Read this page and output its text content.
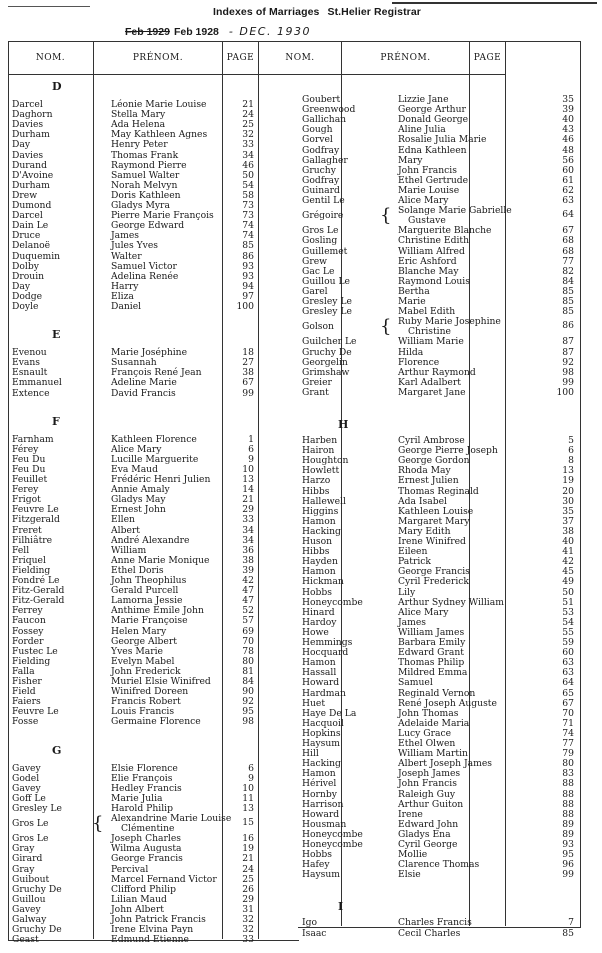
Indexes of Marriages St.Helier Registrar
Feb 1929 Feb 1928 - DEC. 1930
NOM.	PRÉNOM.	PAGE	NOM.	PRÉNOM.	PAGE
D
Darcel	Léonie Marie Louise	21
Daghorn	Stella Mary	24
Davies	Ada Helena	25
Durham	May Kathleen Agnes	32
Day	Henry Peter	33
Davies	Thomas Frank	34
Durand	Raymond Pierre	46
D'Avoine	Samuel Walter	50
Durham	Norah Melvyn	54
Drew	Doris Kathleen	58
Dumond	Gladys Myra	73
Darcel	Pierre Marie François	73
Dain Le	George Edward	74
Druce	James	74
Delanoë	Jules Yves	85
Duquemin	Walter	86
Dolby	Samuel Victor	93
Drouin	Adelina Renée	93
Day	Harry	94
Dodge	Eliza	97
Doyle	Daniel	100
E
Evenou	Marie Joséphine	18
Evans	Susannah	27
Esnault	François René Jean	38
Emmanuel	Adeline Marie	67
Extence	David Francis	99
F
Farnham	Kathleen Florence	1
Férey	Alice Mary	6
Feu Du	Lucille Marguerite	9
Feu Du	Eva Maud	10
Feuillet	Frédéric Henri Julien	13
Ferey	Annie Amaly	14
Frigot	Gladys May	21
Feuvre Le	Ernest John	29
Fitzgerald	Ellen	33
Freret	Albert	34
Filhiâtre	André Alexandre	34
Fell	William	36
Friquel	Anne Marie Monique	38
Fielding	Ethel Doris	39
Fondré Le	John Theophilus	42
Fitz-Gerald	Gerald Purcell	47
Fitz-Gerald	Lamorna Jessie	47
Ferrey	Anthime Emile John	52
Faucon	Marie Françoise	57
Fossey	Helen Mary	69
Forder	George Albert	70
Fustec Le	Yves Marie	78
Fielding	Evelyn Mabel	80
Falla	John Frederick	81
Fisher	Muriel Elsie Winifred	84
Field	Winifred Doreen	90
Faiers	Francis Robert	92
Feuvre Le	Louis Francis	95
Fosse	Germaine Florence	98
G
Gavey	Elsie Florence	6
Godel	Elie François	9
Gavey	Hedley Francis	10
Goff Le	Marie Julia	11
Gresley Le	Harold Philip	13
Gros Le	Alexandrine Marie Louise	15
{ Clémentine
Gros Le	Joseph Charles	16
Gray	Wilma Augusta	19
Girard	George Francis	21
Gray	Percival	24
Guibout	Marcel Fernand Victor	25
Gruchy De	Clifford Philip	26
Guillou	Lilian Maud	29
Gavey	John Albert	31
Galway	John Patrick Francis	32
Gruchy De	Irene Elvina Payn	32
Geast	Edmund Etienne	33
Goubert	Lizzie Jane	35
Greenwood	George Arthur	39
Gallichan	Donald George	40
Gough	Aline Julia	43
Gorvel	Rosalie Julia Marie	46
Godfray	Edna Kathleen	48
Gallagher	Mary	56
Gruchy	John Francis	60
Godfray	Ethel Gertrude	61
Guinard	Marie Louise	62
Gentil Le	Alice Mary	63
Grégoire	Solange Marie Gabrielle	64
{ Gustave
Gros Le	Marguerite Blanche	67
Gosling	Christine Edith	68
Guillemet	William Alfred	68
Grew	Eric Ashford	77
Gac Le	Blanche May	82
Guillou Le	Raymond Louis	84
Garel	Bertha	85
Gresley Le	Marie	85
Gresley Le	Mabel Edith	85
Golson	Ruby Marie Josephine	86
{ Christine
Guilcher Le	William Marie	87
Gruchy De	Hilda	87
Georgelin	Florence	92
Grimshaw	Arthur Raymond	98
Greier	Karl Adalbert	99
Grant	Margaret Jane	100
H
Harben	Cyril Ambrose	5
Hairon	George Pierre Joseph	6
Houghton	George Gordon	8
Howlett	Rhoda May	13
Harzo	Ernest Julien	19
Hibbs	Thomas Reginald	20
Hallewell	Ada Isabel	30
Higgins	Kathleen Louise	35
Hamon	Margaret Mary	37
Hacking	Mary Edith	38
Huson	Irene Winifred	40
Hibbs	Eileen	41
Hayden	Patrick	42
Hamon	George Francis	45
Hickman	Cyril Frederick	49
Hobbs	Lily	50
Honeycombe	Arthur Sydney William	51
Hinard	Alice Mary	53
Hardoy	James	54
Howe	William James	55
Hemmings	Barbara Emily	59
Hocquard	Edward Grant	60
Hamon	Thomas Philip	63
Hassall	Mildred Emma	63
Howard	Samuel	64
Hardman	Reginald Vernon	65
Huet	René Joseph Auguste	67
Haye De La	John Thomas	70
Hacquoil	Adelaide Maria	71
Hopkins	Lucy Grace	74
Haysum	Ethel Olwen	77
Hill	William Martin	79
Hacking	Albert Joseph James	80
Hamon	Joseph James	83
Hérivel	John Francis	88
Hornby	Raleigh Guy	88
Harrison	Arthur Guiton	88
Howard	Irene	88
Housman	Edward John	89
Honeycombe	Gladys Ena	89
Honeycombe	Cyril George	93
Hobbs	Mollie	95
Hafey	Clarence Thomas	96
Haysum	Elsie	99
I
Igo	Charles Francis	7
Isaac	Cecil Charles	85
